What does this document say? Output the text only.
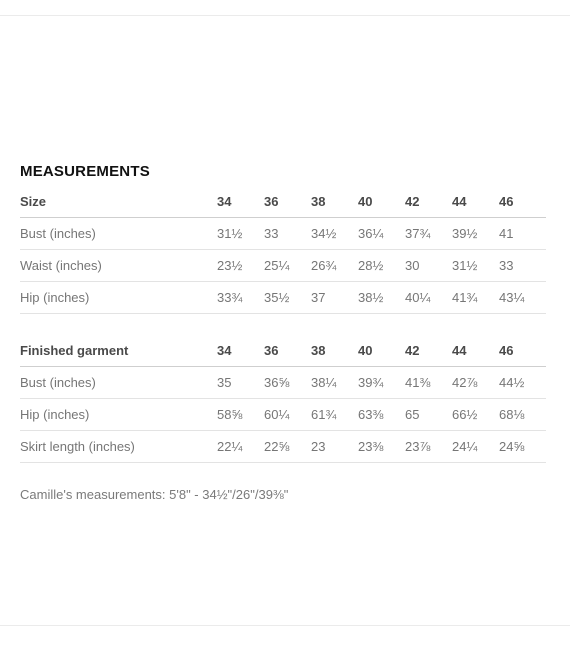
MEASUREMENTS
Size	34	36	38	40	42	44	46
Bust (inches)	31½	33	34½	36¼	37¾	39½	41
Waist (inches)	23½	25¼	26¾	28½	30	31½	33
Hip (inches)	33¾	35½	37	38½	40¼	41¾	43¼
Finished garment	34	36	38	40	42	44	46
Bust (inches)	35	36⅝	38¼	39¾	41⅜	42⅞	44½
Hip (inches)	58⅝	60¼	61¾	63⅜	65	66½	68⅛
Skirt length (inches)	22¼	22⅝	23	23⅜	23⅞	24¼	24⅝
Camille's measurements: 5'8" - 34½"/26"/39⅜"
